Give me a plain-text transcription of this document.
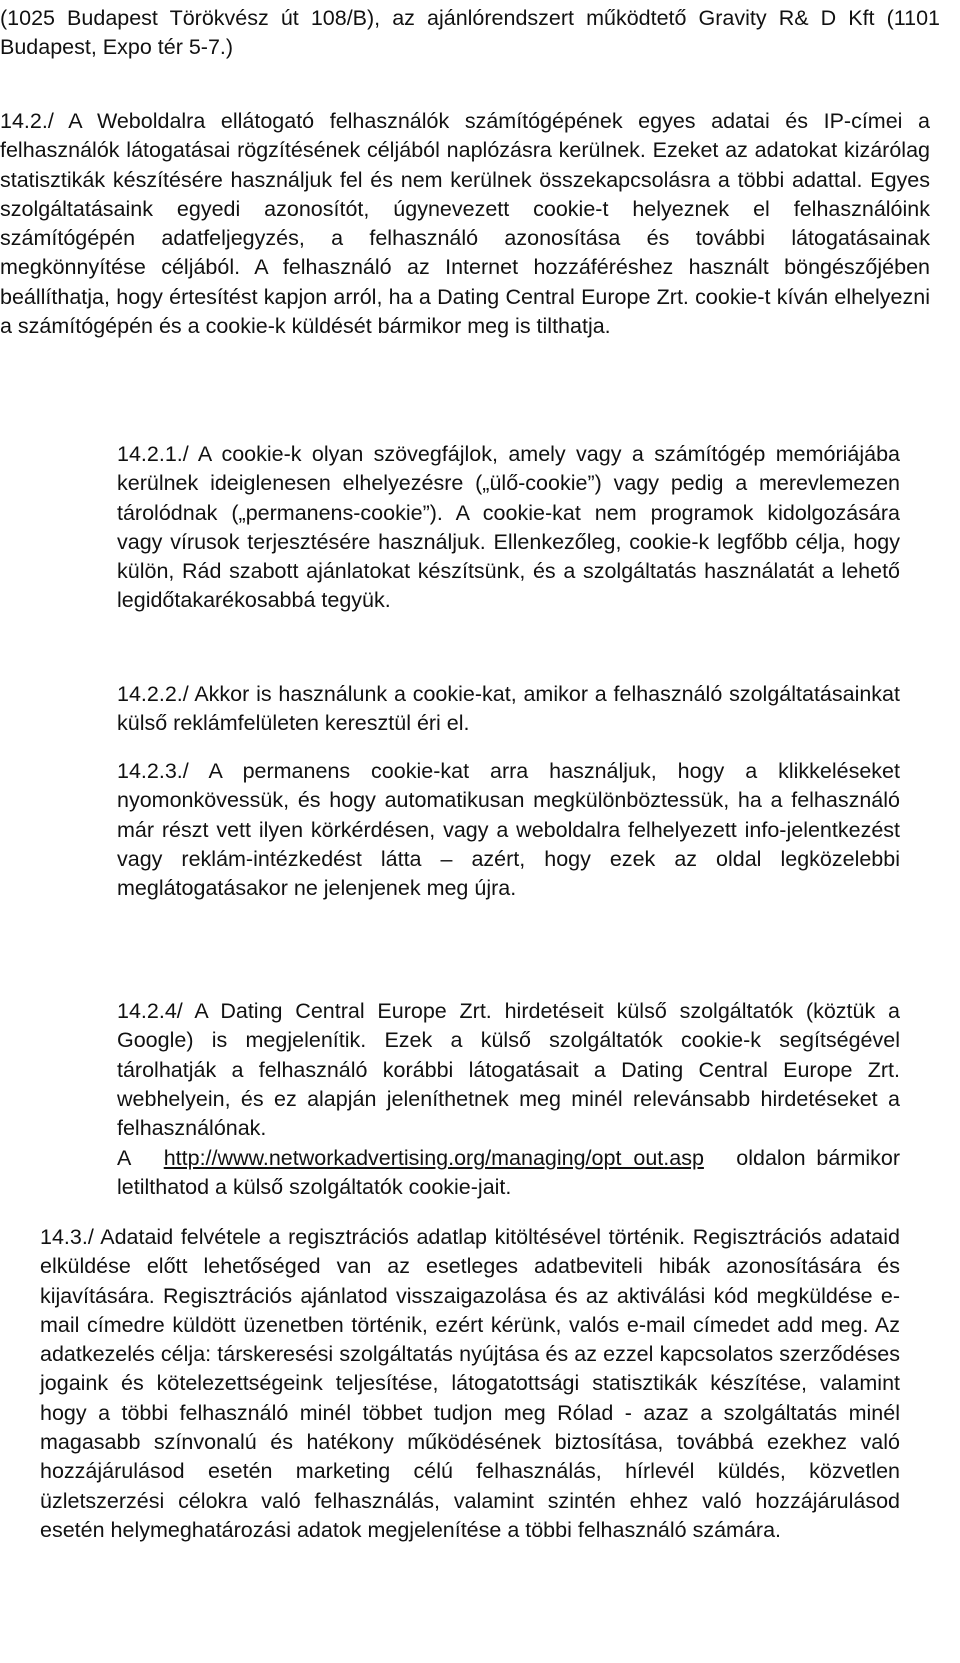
(1025 Budapest Törökvész út 108/B), az ajánlórendszert működtető Gravity R& D Kft (1101 Budapest, Expo tér 5-7.)

14.2./ A Weboldalra ellátogató felhasználók számítógépének egyes adatai és IP-címei a felhasználók látogatásai rögzítésének céljából naplózásra kerülnek. Ezeket az adatokat kizárólag statisztikák készítésére használjuk fel és nem kerülnek összekapcsolásra a többi adattal. Egyes szolgáltatásaink egyedi azonosítót, úgynevezett cookie-t helyeznek el felhasználóink számítógépén adatfeljegyzés, a felhasználó azonosítása és további látogatásainak megkönnyítése céljából. A felhasználó az Internet hozzáféréshez használt böngészőjében beállíthatja, hogy értesítést kapjon arról, ha a Dating Central Europe Zrt. cookie-t kíván elhelyezni a számítógépén és a cookie-k küldését bármikor meg is tilthatja.

14.2.1./ A cookie-k olyan szövegfájlok, amely vagy a számítógép memóriájába kerülnek ideiglenesen elhelyezésre („ülő-cookie”) vagy pedig a merevlemezen tárolódnak („permanens-cookie”). A cookie-kat nem programok kidolgozására vagy vírusok terjesztésére használjuk. Ellenkezőleg, cookie-k legfőbb célja, hogy külön, Rád szabott ajánlatokat készítsünk, és a szolgáltatás használatát a lehető legidőtakarékosabbá tegyük.

14.2.2./ Akkor is használunk a cookie-kat, amikor a felhasználó szolgáltatásainkat külső reklámfelületen keresztül éri el.

14.2.3./ A permanens cookie-kat arra használjuk, hogy a klikkeléseket nyomonkövessük, és hogy automatikusan megkülönböztessük, ha a felhasználó már részt vett ilyen körkérdésen, vagy a weboldalra felhelyezett info-jelentkezést vagy reklám-intézkedést látta – azért, hogy ezek az oldal legközelebbi meglátogatásakor ne jelenjenek meg újra.

14.2.4/ A Dating Central Europe Zrt. hirdetéseit külső szolgáltatók (köztük a Google) is megjelenítik. Ezek a külső szolgáltatók cookie-k segítségével tárolhatják a felhasználó korábbi látogatásait a Dating Central Europe Zrt. webhelyein, és ez alapján jeleníthetnek meg minél relevánsabb hirdetéseket a felhasználónak.

A http://www.networkadvertising.org/managing/opt_out.asp oldalon bármikor letilthatod a külső szolgáltatók cookie-jait.

14.3./ Adataid felvétele a regisztrációs adatlap kitöltésével történik. Regisztrációs adataid elküldése előtt lehetőséged van az esetleges adatbeviteli hibák azonosítására és kijavítására. Regisztrációs ajánlatod visszaigazolása és az aktiválási kód megküldése e-mail címedre küldött üzenetben történik, ezért kérünk, valós e-mail címedet add meg. Az adatkezelés célja: társkeresési szolgáltatás nyújtása és az ezzel kapcsolatos szerződéses jogaink és kötelezettségeink teljesítése, látogatottsági statisztikák készítése, valamint hogy a többi felhasználó minél többet tudjon meg Rólad - azaz a szolgáltatás minél magasabb színvonalú és hatékony működésének biztosítása, továbbá ezekhez való hozzájárulásod esetén marketing célú felhasználás, hírlevél küldés, közvetlen üzletszerzési célokra való felhasználás, valamint szintén ehhez való hozzájárulásod esetén helymeghatározási adatok megjelenítése a többi felhasználó számára.
